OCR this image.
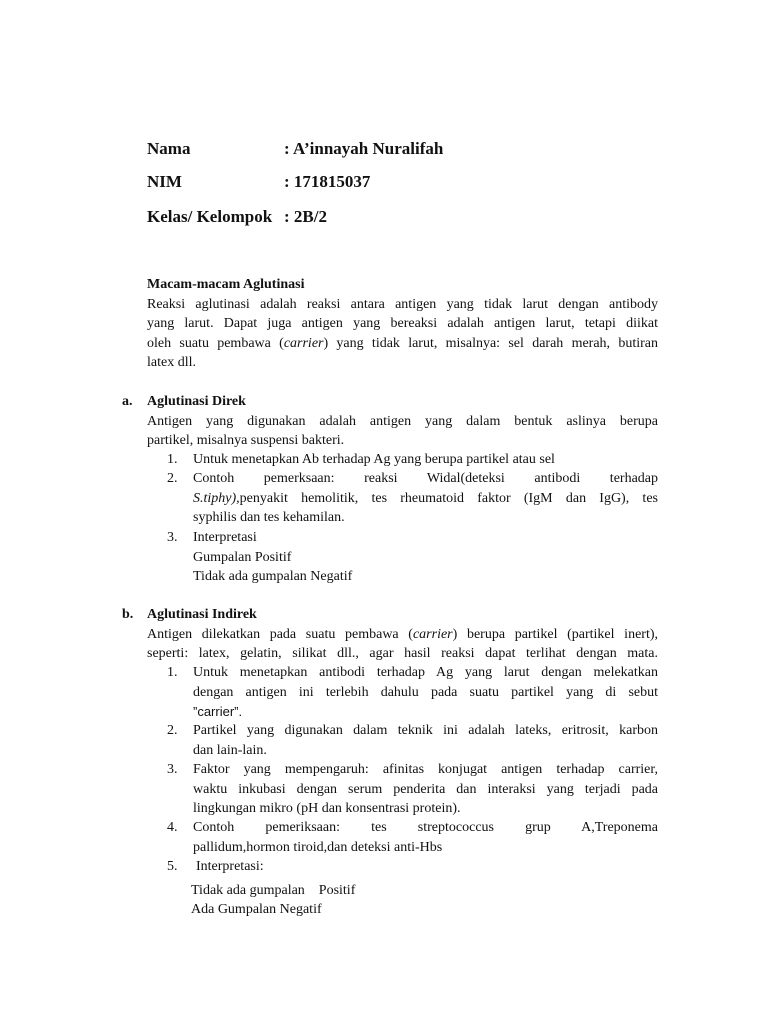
Nama	: A’innayah Nuralifah
NIM	: 171815037
Kelas/ Kelompok : 2B/2
Macam-macam Aglutinasi
Reaksi aglutinasi adalah reaksi antara antigen yang tidak larut dengan antibody
yang larut. Dapat juga antigen yang bereaksi adalah antigen larut, tetapi diikat
oleh suatu pembawa (carrier) yang tidak larut, misalnya: sel darah merah, butiran
latex dll.
a. Aglutinasi Direk
Antigen yang digunakan adalah antigen yang dalam bentuk aslinya berupa
partikel, misalnya suspensi bakteri.
1. Untuk menetapkan Ab terhadap Ag yang berupa partikel atau sel
2. Contoh pemerksaan: reaksi Widal(deteksi antibodi terhadap
S.tiphy),penyakit hemolitik, tes rheumatoid faktor (IgM dan IgG), tes
syphilis dan tes kehamilan.
3. Interpretasi
Gumpalan Positif
Tidak ada gumpalan Negatif
b. Aglutinasi Indirek
Antigen dilekatkan pada suatu pembawa (carrier) berupa partikel (partikel inert),
seperti: latex, gelatin, silikat dll., agar hasil reaksi dapat terlihat dengan mata.
1. Untuk menetapkan antibodi terhadap Ag yang larut dengan melekatkan
dengan antigen ini terlebih dahulu pada suatu partikel yang di sebut
”carrier”.
2. Partikel yang digunakan dalam teknik ini adalah lateks, eritrosit, karbon
dan lain-lain.
3. Faktor yang mempengaruh: afinitas konjugat antigen terhadap carrier,
waktu inkubasi dengan serum penderita dan interaksi yang terjadi pada
lingkungan mikro (pH dan konsentrasi protein).
4. Contoh pemeriksaan: tes streptococcus grup A,Treponema
pallidum,hormon tiroid,dan deteksi anti-Hbs
5. Interpretasi:
Tidak ada gumpalan    Positif
Ada Gumpalan Negatif
